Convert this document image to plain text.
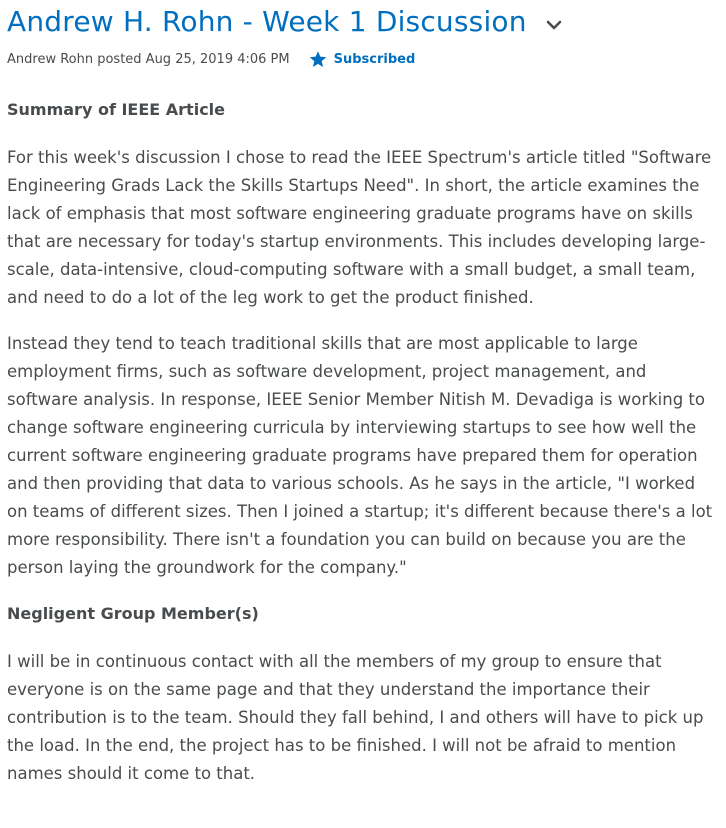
Andrew H. Rohn - Week 1 Discussion
Andrew Rohn posted Aug 25, 2019 4:06 PM	Subscribed

Summary of IEEE Article

For this week's discussion I chose to read the IEEE Spectrum's article titled "Software Engineering Grads Lack the Skills Startups Need". In short, the article examines the lack of emphasis that most software engineering graduate programs have on skills that are necessary for today's startup environments. This includes developing large-scale, data-intensive, cloud-computing software with a small budget, a small team, and need to do a lot of the leg work to get the product finished.

Instead they tend to teach traditional skills that are most applicable to large employment firms, such as software development, project management, and software analysis. In response, IEEE Senior Member Nitish M. Devadiga is working to change software engineering curricula by interviewing startups to see how well the current software engineering graduate programs have prepared them for operation and then providing that data to various schools. As he says in the article, "I worked on teams of different sizes. Then I joined a startup; it's different because there's a lot more responsibility. There isn't a foundation you can build on because you are the person laying the groundwork for the company."

Negligent Group Member(s)

I will be in continuous contact with all the members of my group to ensure that everyone is on the same page and that they understand the importance their contribution is to the team. Should they fall behind, I and others will have to pick up the load. In the end, the project has to be finished. I will not be afraid to mention names should it come to that.
